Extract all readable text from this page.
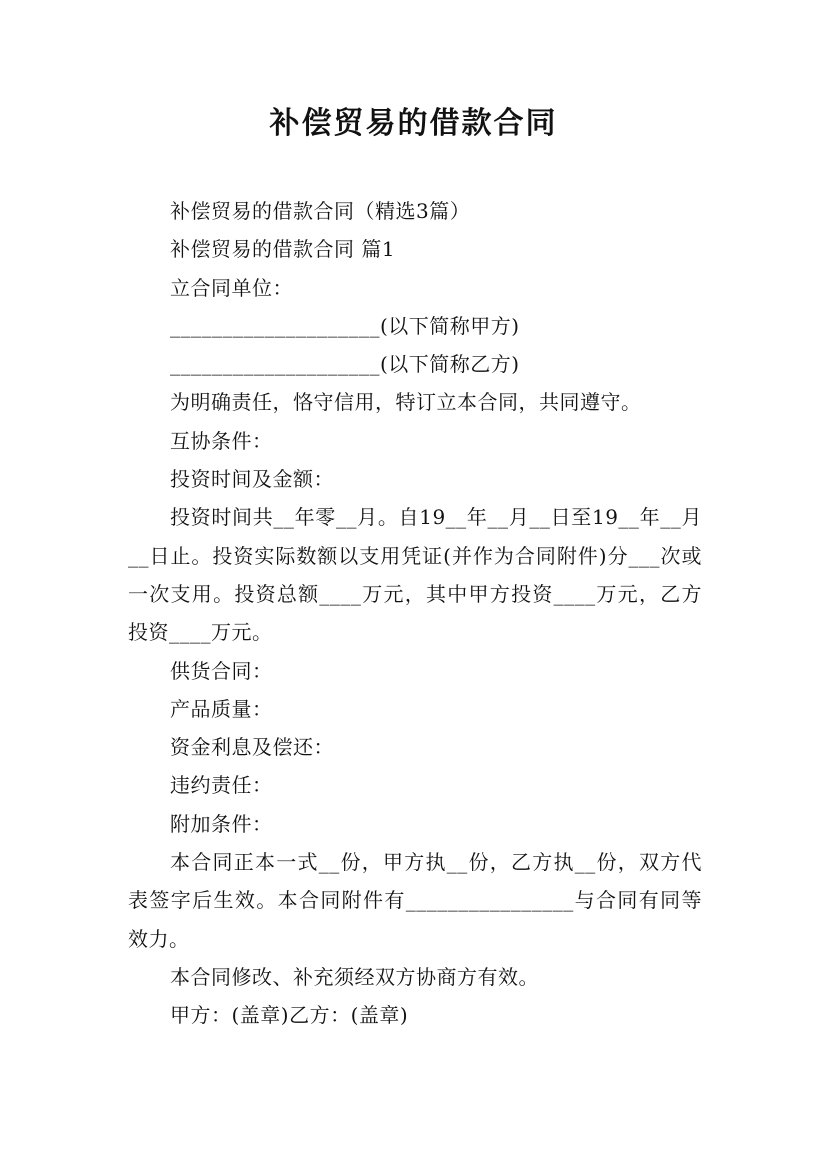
补偿贸易的借款合同

补偿贸易的借款合同（精选3篇）

补偿贸易的借款合同 篇1

立合同单位：

____________________(以下简称甲方)

____________________(以下简称乙方)

为明确责任，恪守信用，特订立本合同，共同遵守。

互协条件：

投资时间及金额：

投资时间共__年零__月。自19__年__月__日至19__年__月__日止。投资实际数额以支用凭证(并作为合同附件)分___次或一次支用。投资总额____万元，其中甲方投资____万元，乙方投资____万元。

供货合同：

产品质量：

资金利息及偿还：

违约责任：

附加条件：

本合同正本一式__份，甲方执__份，乙方执__份，双方代表签字后生效。本合同附件有________________与合同有同等效力。

本合同修改、补充须经双方协商方有效。

甲方：(盖章)乙方：(盖章)
